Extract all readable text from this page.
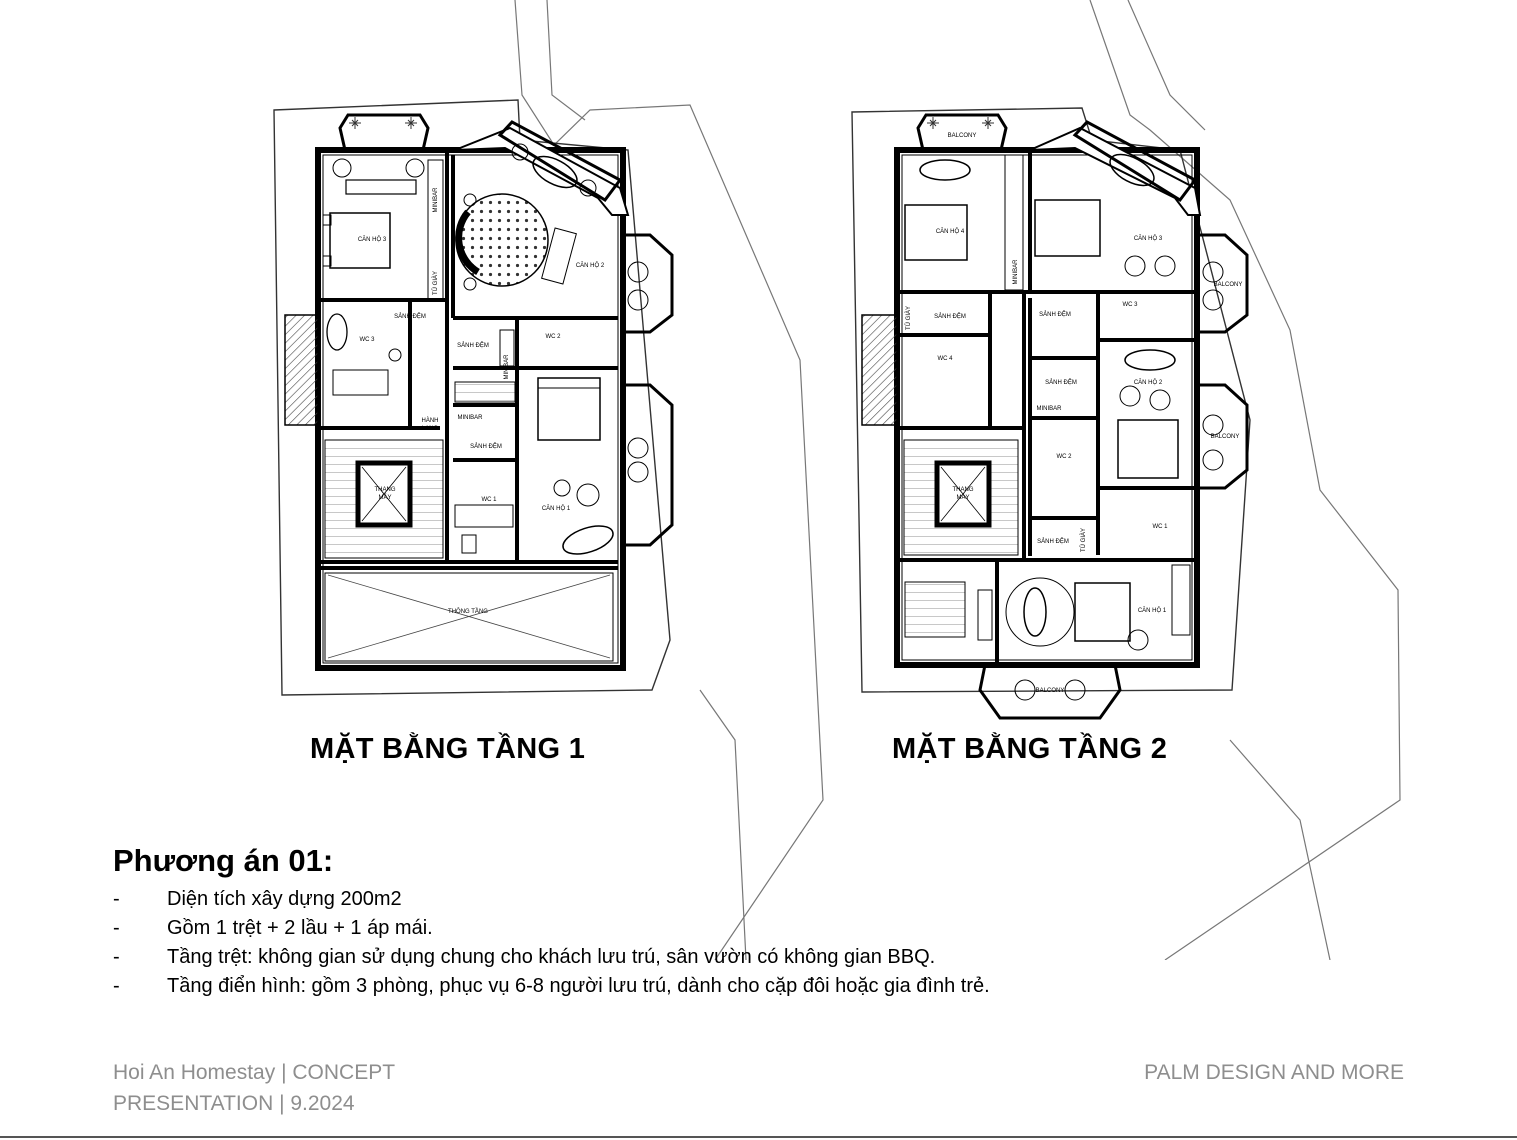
CĂN HỘ 3
CĂN HỘ 2
CĂN HỘ 1
MINIBAR
TỦ GIÀY
SẢNH ĐỆM
SẢNH ĐỆM
SẢNH ĐỆM
WC 3	WC 2
WC 1
MINIBAR
MINIBAR
HÀNH
LANG
THANG
MÁY
THÔNG TẦNG
BALCONY
CĂN HỘ 4
CĂN HỘ 3
MINIBAR
BALCONY
TỦ GIÀY	SẢNH ĐỆM	SẢNH ĐỆM
WC 3
WC 4
SẢNH ĐỆM
MINIBAR
CĂN HỘ 2
BALCONY
WC 2
THANG
MÁY
WC 1
SẢNH ĐỆM TỦ GIÀY
CĂN HỘ 1
BALCONY
MẶT BẰNG TẦNG 1	MẶT BẰNG TẦNG 2
Phương án 01:
- Diện tích xây dựng 200m2
- Gồm 1 trệt + 2 lầu + 1 áp mái.
- Tầng trệt: không gian sử dụng chung cho khách lưu trú, sân vườn có không gian BBQ.
- Tầng điển hình: gồm 3 phòng, phục vụ 6-8 người lưu trú, dành cho cặp đôi hoặc gia đình trẻ.
Hoi An Homestay | CONCEPT
PRESENTATION | 9.2024
PALM DESIGN AND MORE
